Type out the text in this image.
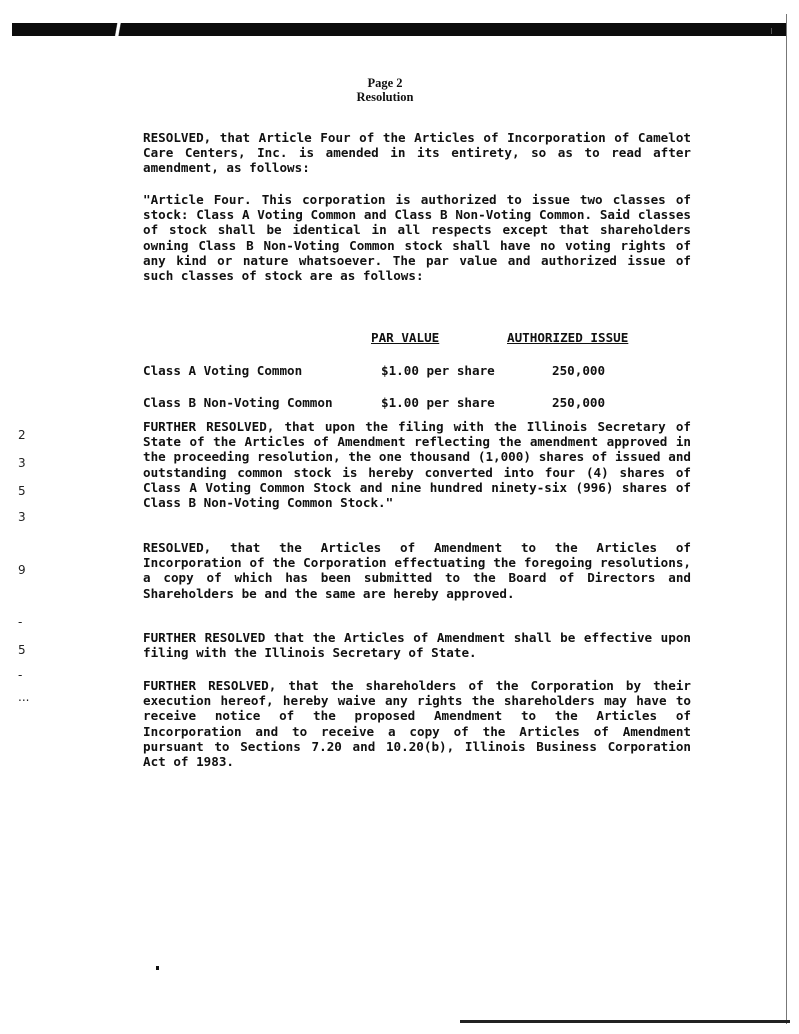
Page 2
Resolution

RESOLVED, that Article Four of the Articles of Incorporation of Camelot Care Centers, Inc. is amended in its entirety, so as to read after amendment, as follows:

"Article Four. This corporation is authorized to issue two classes of stock: Class A Voting Common and Class B Non-Voting Common. Said classes of stock shall be identical in all respects except that shareholders owning Class B Non-Voting Common stock shall have no voting rights of any kind or nature whatsoever. The par value and authorized issue of such classes of stock are as follows:

PAR VALUE	AUTHORIZED ISSUE
Class A Voting Common	$1.00 per share	250,000
Class B Non-Voting Common	$1.00 per share	250,000

FURTHER RESOLVED, that upon the filing with the Illinois Secretary of State of the Articles of Amendment reflecting the amendment approved in the proceeding resolution, the one thousand (1,000) shares of issued and outstanding common stock is hereby converted into four (4) shares of Class A Voting Common Stock and nine hundred ninety-six (996) shares of Class B Non-Voting Common Stock."

RESOLVED, that the Articles of Amendment to the Articles of Incorporation of the Corporation effectuating the foregoing resolutions, a copy of which has been submitted to the Board of Directors and Shareholders be and the same are hereby approved.

FURTHER RESOLVED that the Articles of Amendment shall be effective upon filing with the Illinois Secretary of State.

FURTHER RESOLVED, that the shareholders of the Corporation by their execution hereof, hereby waive any rights the shareholders may have to receive notice of the proposed Amendment to the Articles of Incorporation and to receive a copy of the Articles of Amendment pursuant to Sections 7.20 and 10.20(b), Illinois Business Corporation Act of 1983.

2
3
5
3
9
-
5
-
...
